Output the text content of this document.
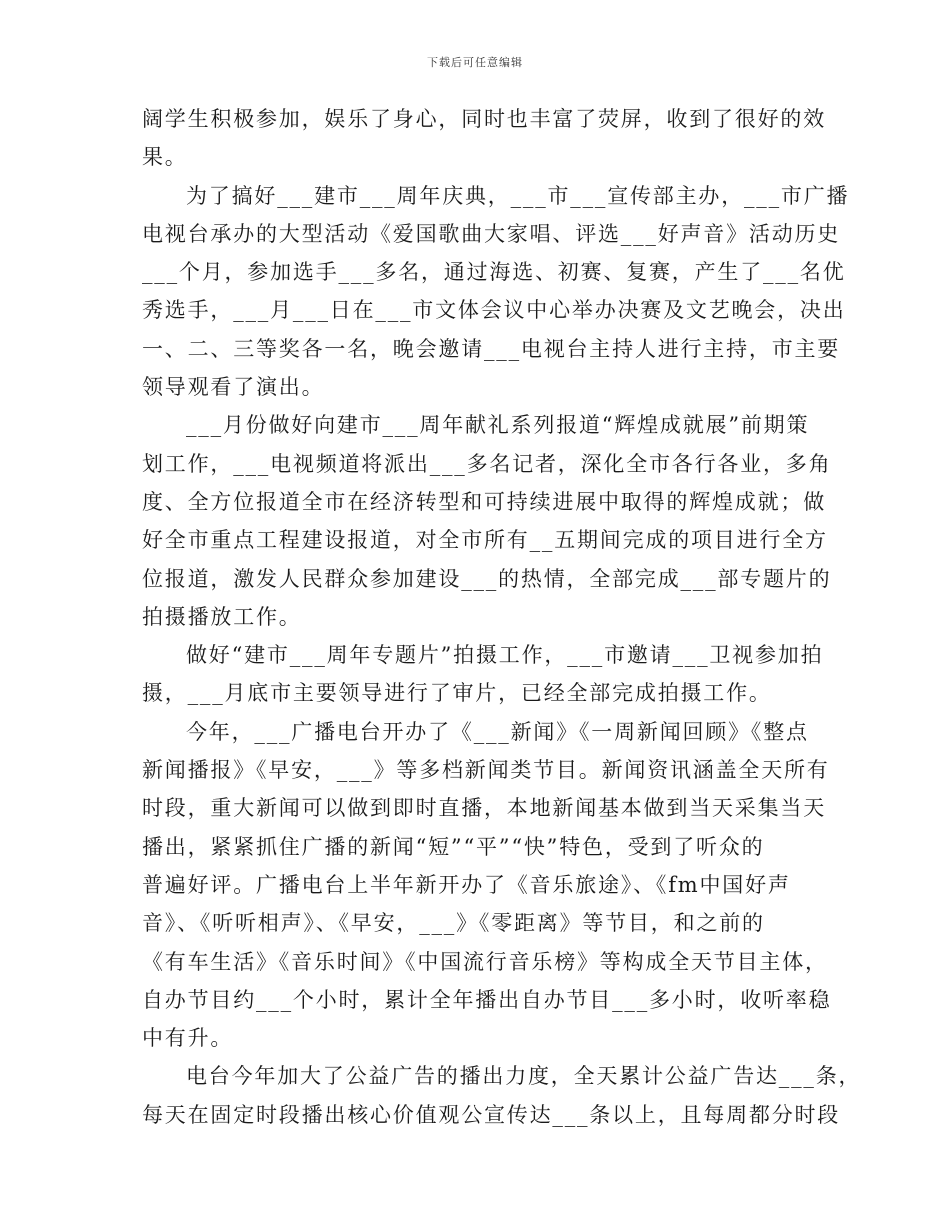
下载后可任意编辑
阔学生积极参加，娱乐了身心，同时也丰富了荧屏，收到了很好的效
果。
为了搞好___建市___周年庆典，___市___宣传部主办，___市广播
电视台承办的大型活动《爱国歌曲大家唱、评选___好声音》活动历史
___个月，参加选手___多名，通过海选、初赛、复赛，产生了___名优
秀选手，___月___日在___市文体会议中心举办决赛及文艺晚会，决出
一、二、三等奖各一名，晚会邀请___电视台主持人进行主持，市主要
领导观看了演出。
___月份做好向建市___周年献礼系列报道“辉煌成就展”前期策
划工作，___电视频道将派出___多名记者，深化全市各行各业，多角
度、全方位报道全市在经济转型和可持续进展中取得的辉煌成就；做
好全市重点工程建设报道，对全市所有__五期间完成的项目进行全方
位报道，激发人民群众参加建设___的热情，全部完成___部专题片的
拍摄播放工作。
做好“建市___周年专题片”拍摄工作，___市邀请___卫视参加拍
摄，___月底市主要领导进行了审片，已经全部完成拍摄工作。
今年，___广播电台开办了《___新闻》《一周新闻回顾》《整点
新闻播报》《早安，___》等多档新闻类节目。新闻资讯涵盖全天所有
时段，重大新闻可以做到即时直播，本地新闻基本做到当天采集当天
播出，紧紧抓住广播的新闻“短”“平”“快”特色，受到了听众的
普遍好评。广播电台上半年新开办了《音乐旅途》、《fm中国好声
音》、《听听相声》、《早安，___》《零距离》等节目，和之前的
《有车生活》《音乐时间》《中国流行音乐榜》等构成全天节目主体，
自办节目约___个小时，累计全年播出自办节目___多小时，收听率稳
中有升。
电台今年加大了公益广告的播出力度，全天累计公益广告达___条，
每天在固定时段播出核心价值观公宣传达___条以上，且每周都分时段
